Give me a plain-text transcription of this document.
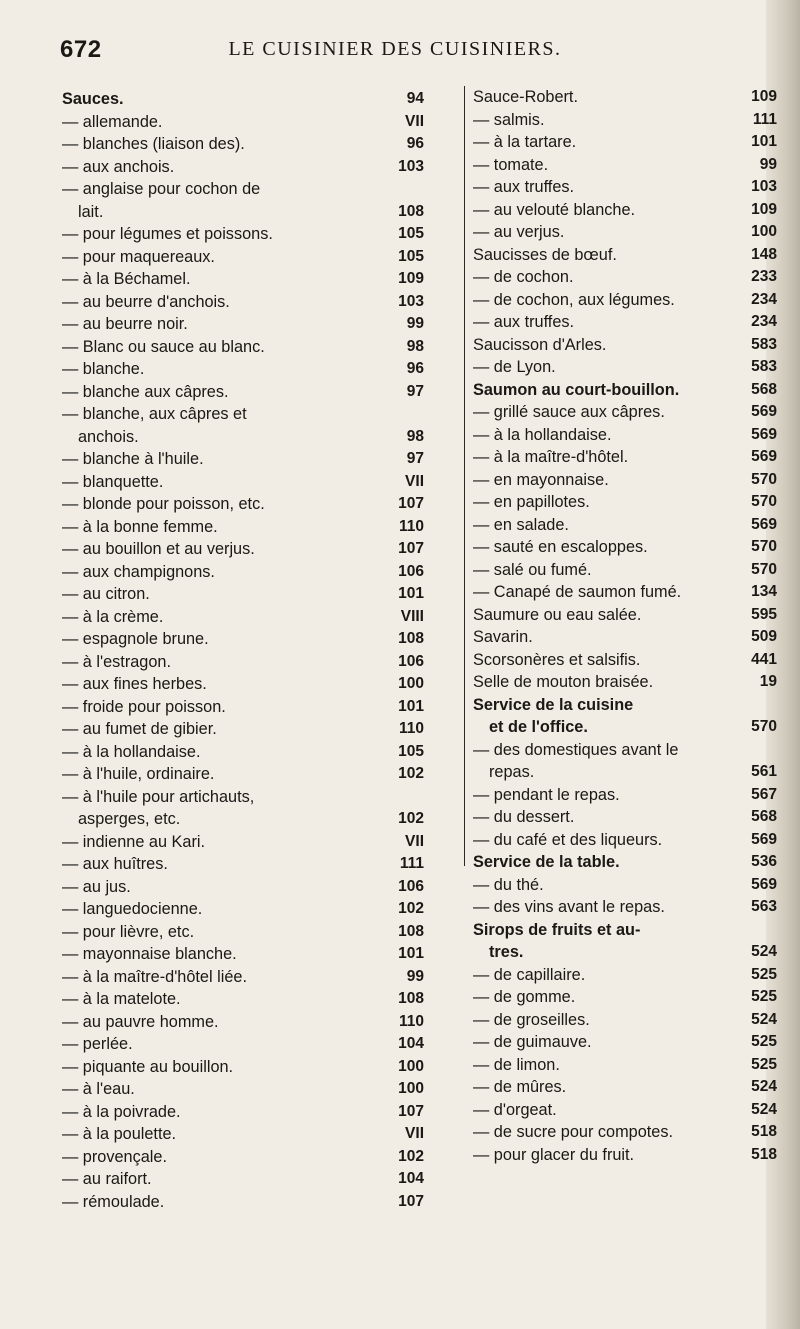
672	LE CUISINIER DES CUISINIERS.
Sauces.	94
— allemande.	VII
— blanches (liaison des).	96
— aux anchois.	103
— anglaise pour cochon de
lait.	108
— pour légumes et poissons.	105
— pour maquereaux.	105
— à la Béchamel.	109
— au beurre d'anchois.	103
— au beurre noir.	99
— Blanc ou sauce au blanc.	98
— blanche.	96
— blanche aux câpres.	97
— blanche, aux câpres et
anchois.	98
— blanche à l'huile.	97
— blanquette.	VII
— blonde pour poisson, etc.	107
— à la bonne femme.	110
— au bouillon et au verjus.	107
— aux champignons.	106
— au citron.	101
— à la crème.	VIII
— espagnole brune.	108
— à l'estragon.	106
— aux fines herbes.	100
— froide pour poisson.	101
— au fumet de gibier.	110
— à la hollandaise.	105
— à l'huile, ordinaire.	102
— à l'huile pour artichauts,
asperges, etc.	102
— indienne au Kari.	VII
— aux huîtres.	111
— au jus.	106
— languedocienne.	102
— pour lièvre, etc.	108
— mayonnaise blanche.	101
— à la maître-d'hôtel liée.	99
— à la matelote.	108
— au pauvre homme.	110
— perlée.	104
— piquante au bouillon.	100
— à l'eau.	100
— à la poivrade.	107
— à la poulette.	VII
— provençale.	102
— au raifort.	104
— rémoulade.	107
Sauce-Robert.	109
— salmis.	111
— à la tartare.	101
— tomate.	99
— aux truffes.	103
— au velouté blanche.	109
— au verjus.	100
Saucisses de bœuf.	148
— de cochon.	233
— de cochon, aux légumes.	234
— aux truffes.	234
Saucisson d'Arles.	583
— de Lyon.	583
Saumon au court-bouillon.	568
— grillé sauce aux câpres.	569
— à la hollandaise.	569
— à la maître-d'hôtel.	569
— en mayonnaise.	570
— en papillotes.	570
— en salade.	569
— sauté en escaloppes.	570
— salé ou fumé.	570
— Canapé de saumon fumé.	134
Saumure ou eau salée.	595
Savarin.	509
Scorsonères et salsifis.	441
Selle de mouton braisée.	19
Service de la cuisine
et de l'office.	570
— des domestiques avant le
repas.	561
— pendant le repas.	567
— du dessert.	568
— du café et des liqueurs.	569
Service de la table.	536
— du thé.	569
— des vins avant le repas.	563
Sirops de fruits et au-
tres.	524
— de capillaire.	525
— de gomme.	525
— de groseilles.	524
— de guimauve.	525
— de limon.	525
— de mûres.	524
— d'orgeat.	524
— de sucre pour compotes.	518
— pour glacer du fruit.	518
